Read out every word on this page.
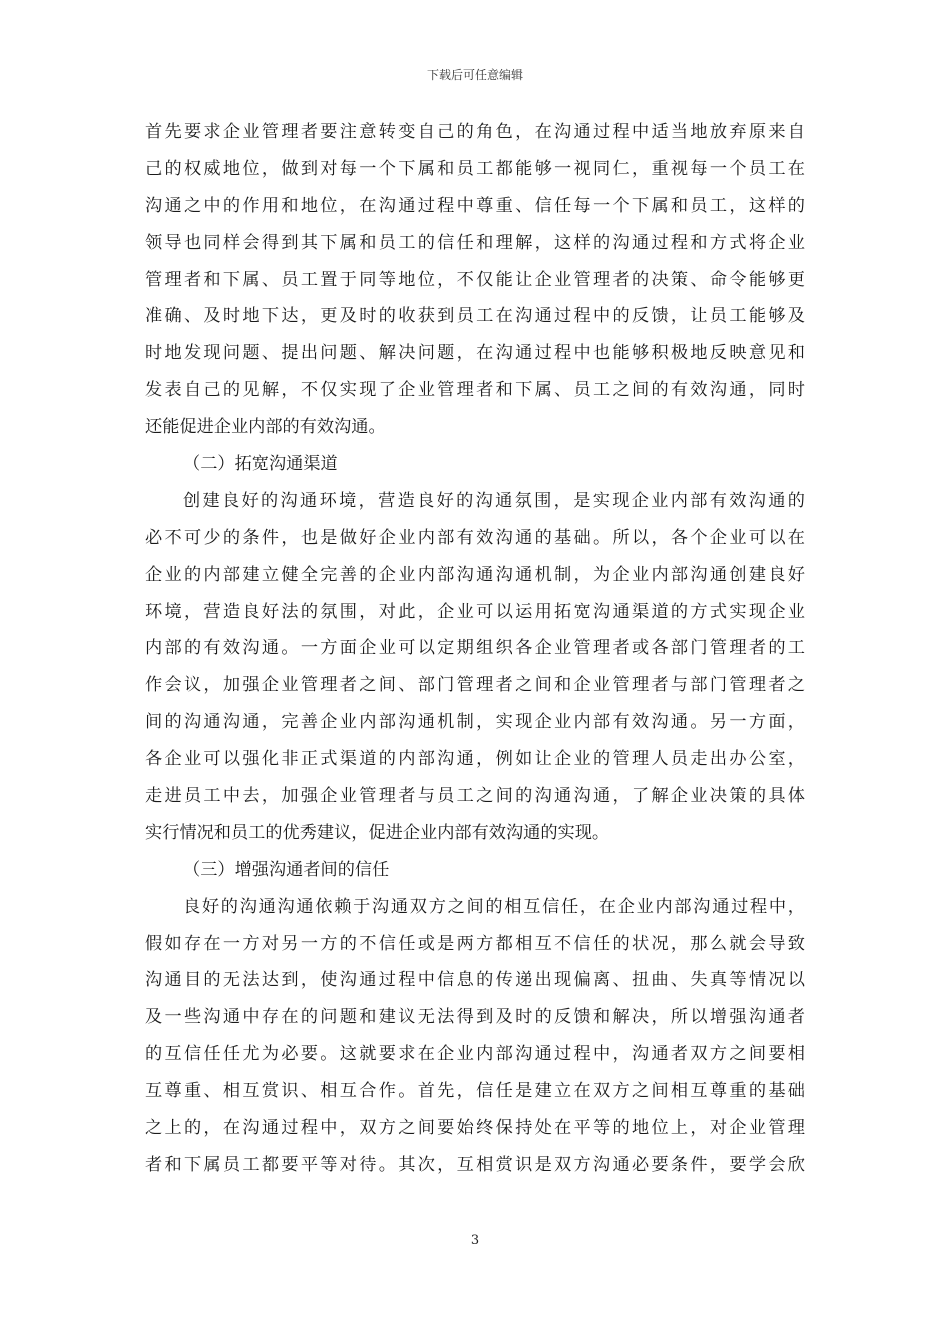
下载后可任意编辑
首先要求企业管理者要注意转变自己的角色，在沟通过程中适当地放弃原来自
己的权威地位，做到对每一个下属和员工都能够一视同仁，重视每一个员工在
沟通之中的作用和地位，在沟通过程中尊重、信任每一个下属和员工，这样的
领导也同样会得到其下属和员工的信任和理解，这样的沟通过程和方式将企业
管理者和下属、员工置于同等地位，不仅能让企业管理者的决策、命令能够更
准确、及时地下达，更及时的收获到员工在沟通过程中的反馈，让员工能够及
时地发现问题、提出问题、解决问题，在沟通过程中也能够积极地反映意见和
发表自己的见解，不仅实现了企业管理者和下属、员工之间的有效沟通，同时
还能促进企业内部的有效沟通。
（二）拓宽沟通渠道
创建良好的沟通环境，营造良好的沟通氛围，是实现企业内部有效沟通的
必不可少的条件，也是做好企业内部有效沟通的基础。所以，各个企业可以在
企业的内部建立健全完善的企业内部沟通沟通机制，为企业内部沟通创建良好
环境，营造良好法的氛围，对此，企业可以运用拓宽沟通渠道的方式实现企业
内部的有效沟通。一方面企业可以定期组织各企业管理者或各部门管理者的工
作会议，加强企业管理者之间、部门管理者之间和企业管理者与部门管理者之
间的沟通沟通，完善企业内部沟通机制，实现企业内部有效沟通。另一方面，
各企业可以强化非正式渠道的内部沟通，例如让企业的管理人员走出办公室，
走进员工中去，加强企业管理者与员工之间的沟通沟通，了解企业决策的具体
实行情况和员工的优秀建议，促进企业内部有效沟通的实现。
（三）增强沟通者间的信任
良好的沟通沟通依赖于沟通双方之间的相互信任，在企业内部沟通过程中，
假如存在一方对另一方的不信任或是两方都相互不信任的状况，那么就会导致
沟通目的无法达到，使沟通过程中信息的传递出现偏离、扭曲、失真等情况以
及一些沟通中存在的问题和建议无法得到及时的反馈和解决，所以增强沟通者
的互信任任尤为必要。这就要求在企业内部沟通过程中，沟通者双方之间要相
互尊重、相互赏识、相互合作。首先，信任是建立在双方之间相互尊重的基础
之上的，在沟通过程中，双方之间要始终保持处在平等的地位上，对企业管理
者和下属员工都要平等对待。其次，互相赏识是双方沟通必要条件，要学会欣
3
